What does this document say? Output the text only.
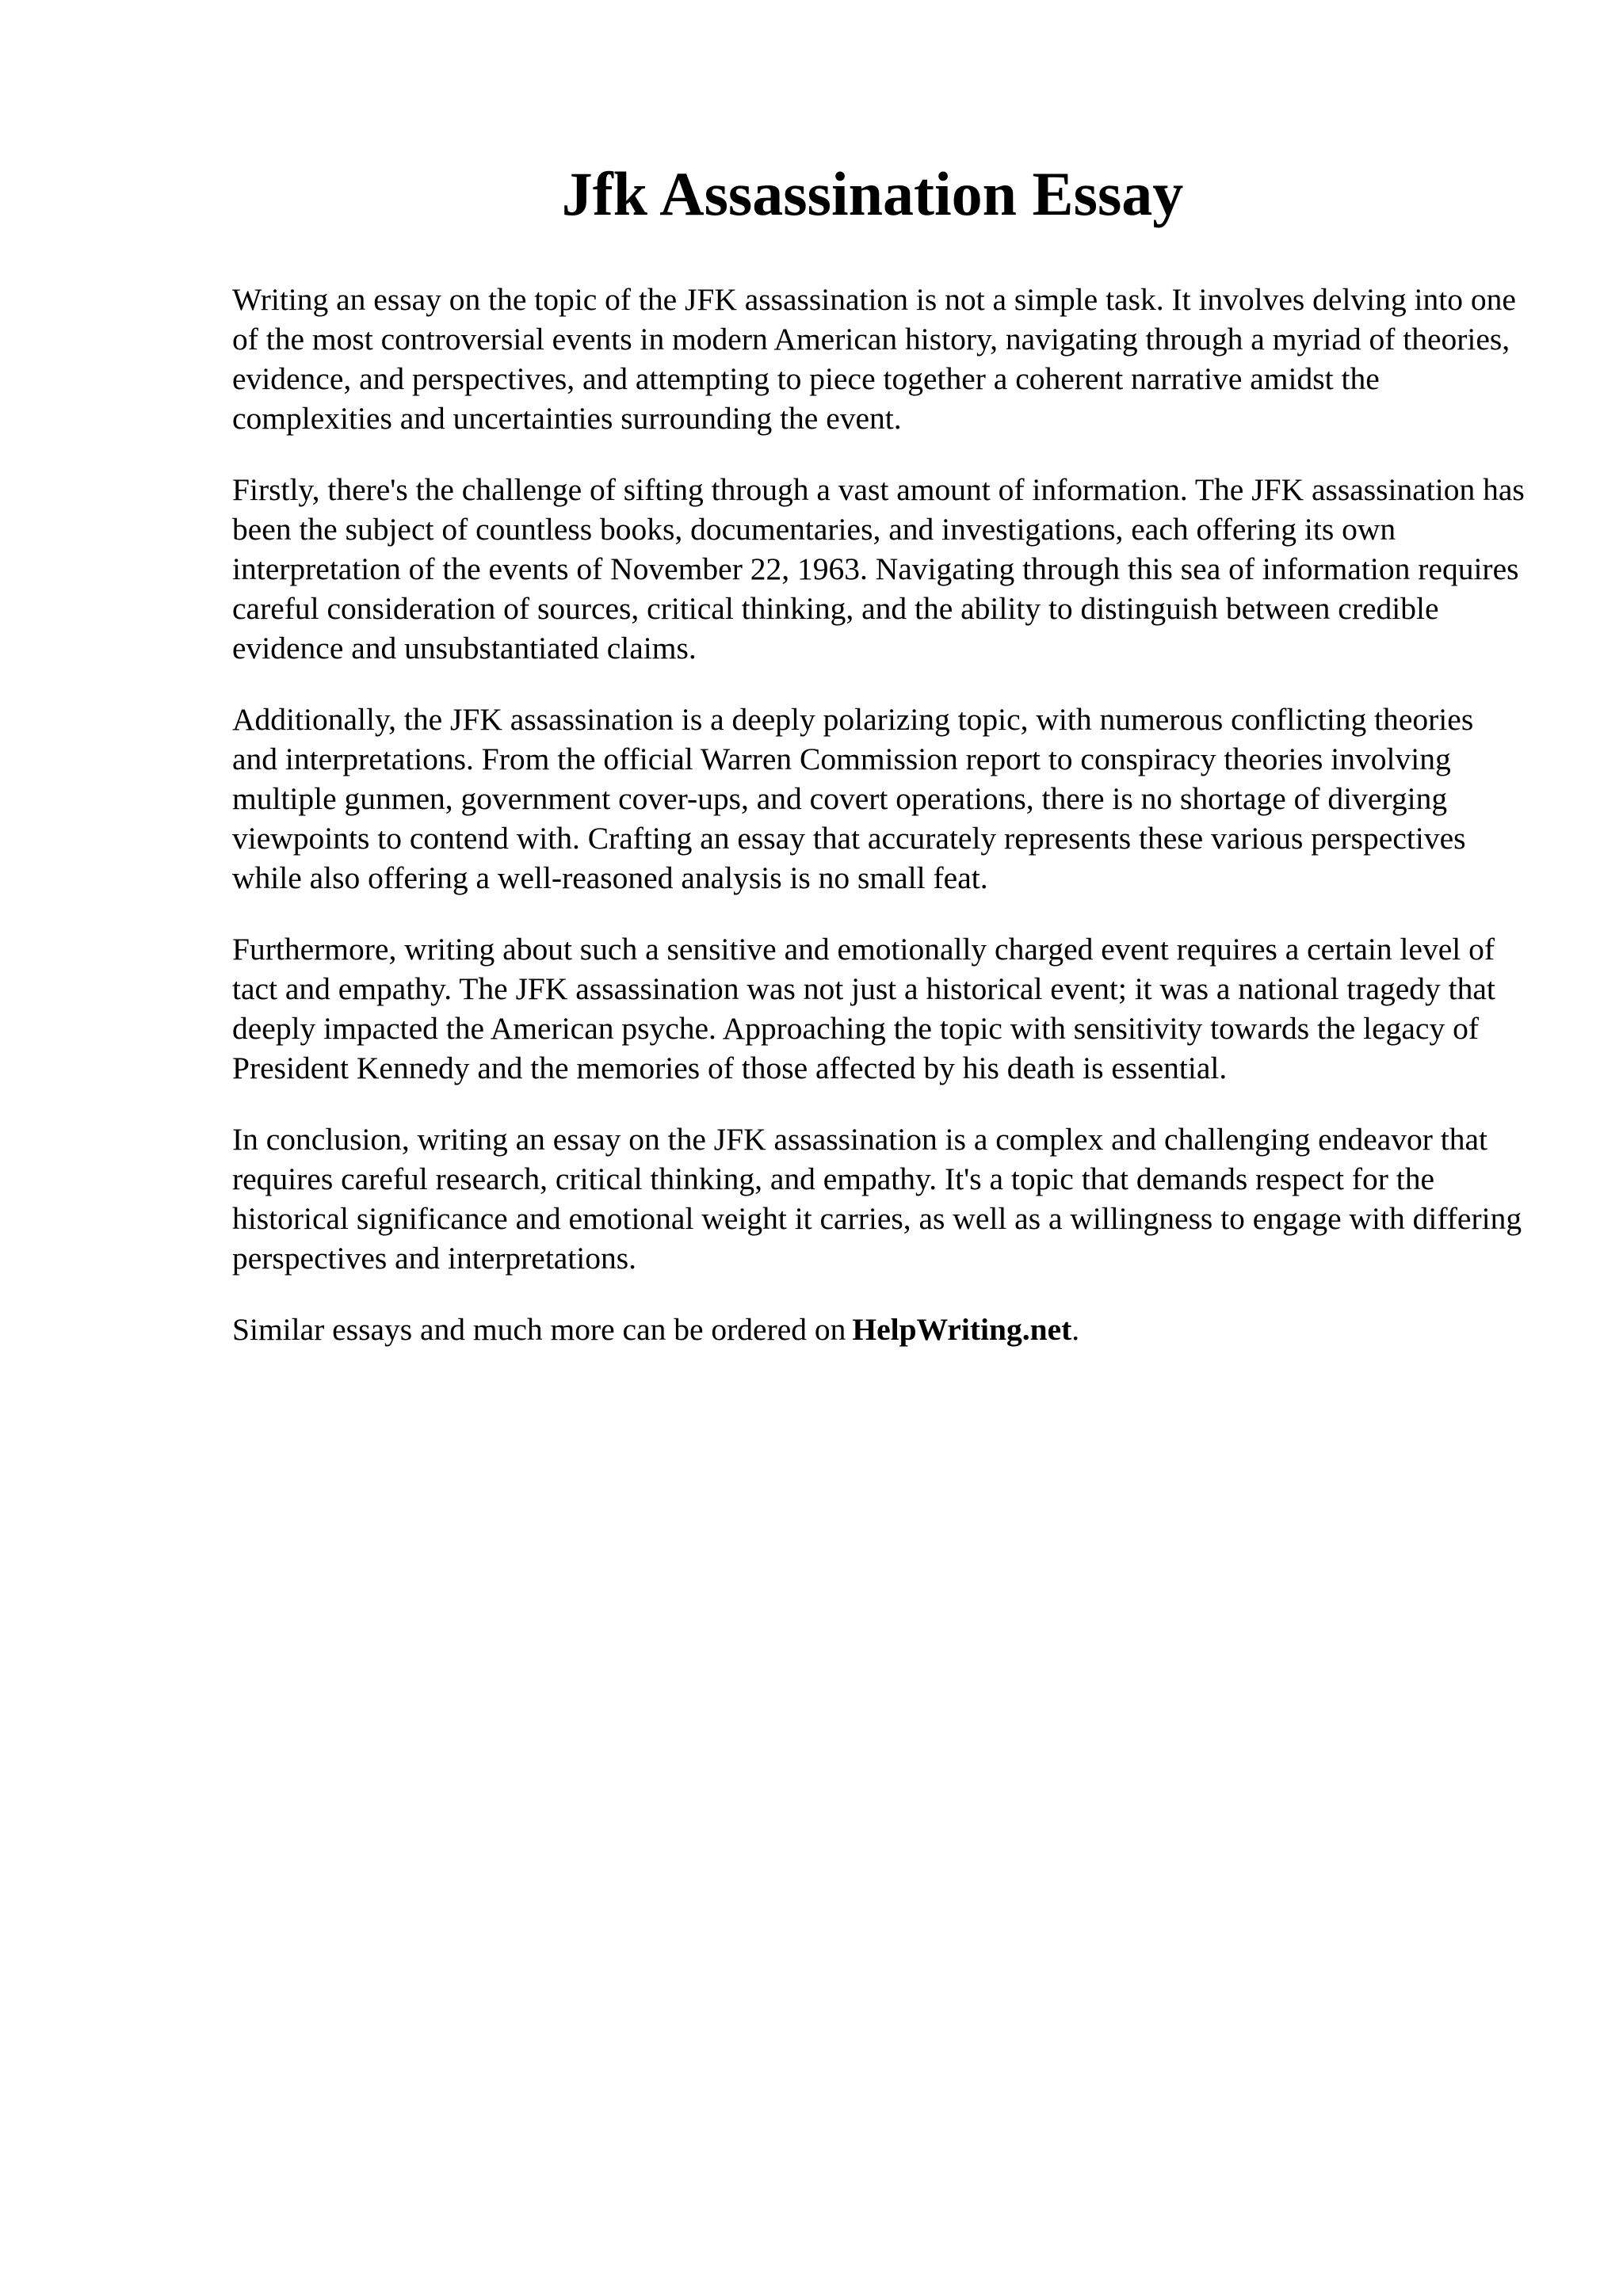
Jfk Assassination Essay

Writing an essay on the topic of the JFK assassination is not a simple task. It involves delving into one of the most controversial events in modern American history, navigating through a myriad of theories, evidence, and perspectives, and attempting to piece together a coherent narrative amidst the complexities and uncertainties surrounding the event.

Firstly, there's the challenge of sifting through a vast amount of information. The JFK assassination has been the subject of countless books, documentaries, and investigations, each offering its own interpretation of the events of November 22, 1963. Navigating through this sea of information requires careful consideration of sources, critical thinking, and the ability to distinguish between credible evidence and unsubstantiated claims.

Additionally, the JFK assassination is a deeply polarizing topic, with numerous conflicting theories and interpretations. From the official Warren Commission report to conspiracy theories involving multiple gunmen, government cover-ups, and covert operations, there is no shortage of diverging viewpoints to contend with. Crafting an essay that accurately represents these various perspectives while also offering a well-reasoned analysis is no small feat.

Furthermore, writing about such a sensitive and emotionally charged event requires a certain level of tact and empathy. The JFK assassination was not just a historical event; it was a national tragedy that deeply impacted the American psyche. Approaching the topic with sensitivity towards the legacy of President Kennedy and the memories of those affected by his death is essential.

In conclusion, writing an essay on the JFK assassination is a complex and challenging endeavor that requires careful research, critical thinking, and empathy. It's a topic that demands respect for the historical significance and emotional weight it carries, as well as a willingness to engage with differing perspectives and interpretations.

Similar essays and much more can be ordered on HelpWriting.net.
